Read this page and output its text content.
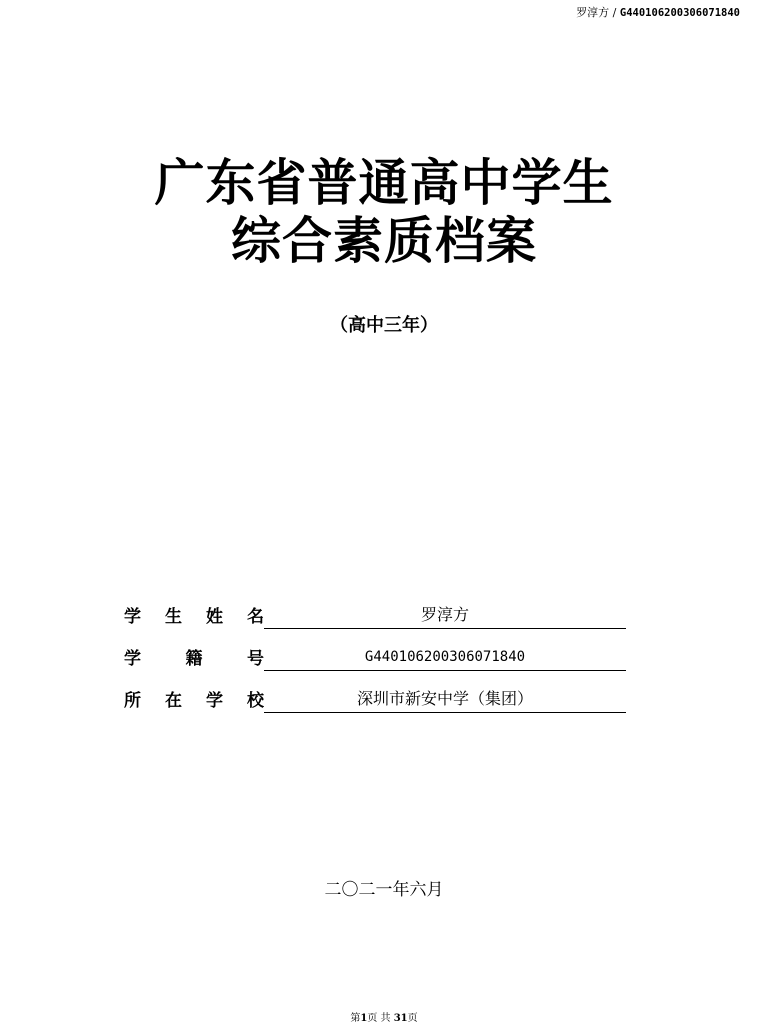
罗淳方 / G440106200306071840
广东省普通高中学生
综合素质档案
（高中三年）
学 生 姓 名	罗淳方
学	籍	号	G440106200306071840
所 在 学 校	深圳市新安中学（集团）
二〇二一年六月
第1页 共 31页
